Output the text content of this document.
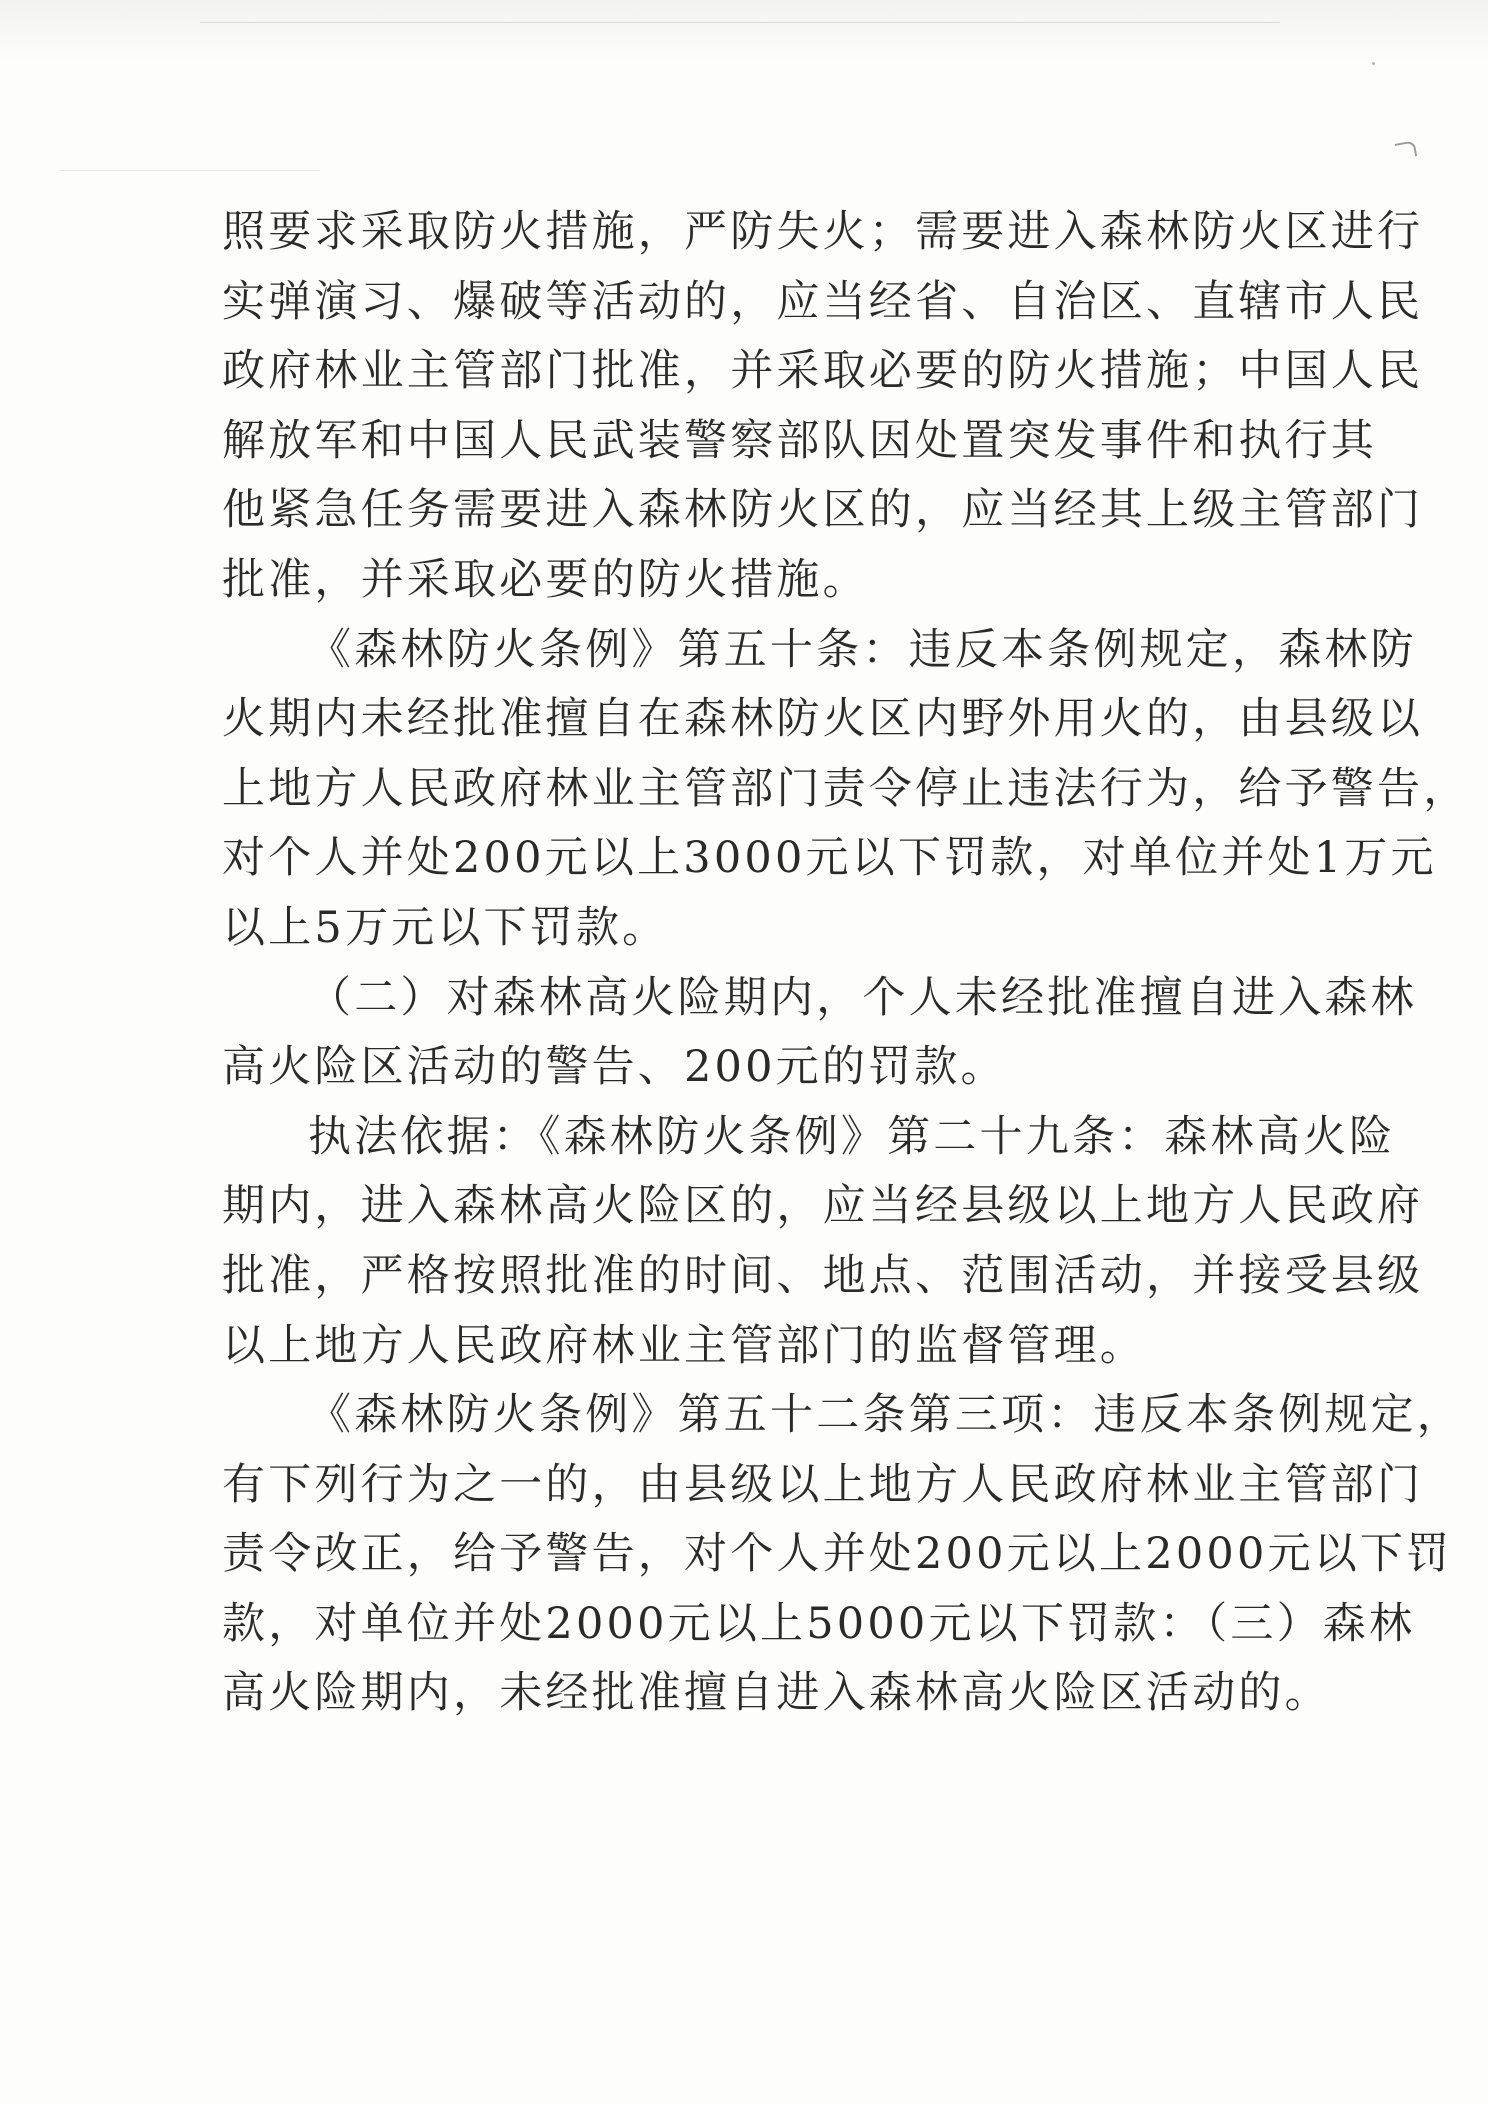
照要求采取防火措施，严防失火；需要进入森林防火区进行
实弹演习、爆破等活动的，应当经省、自治区、直辖市人民
政府林业主管部门批准，并采取必要的防火措施；中国人民
解放军和中国人民武装警察部队因处置突发事件和执行其
他紧急任务需要进入森林防火区的，应当经其上级主管部门
批准，并采取必要的防火措施。
《森林防火条例》第五十条：违反本条例规定，森林防
火期内未经批准擅自在森林防火区内野外用火的，由县级以
上地方人民政府林业主管部门责令停止违法行为，给予警告，
对个人并处200元以上3000元以下罚款，对单位并处1万元
以上5万元以下罚款。
（二）对森林高火险期内，个人未经批准擅自进入森林
高火险区活动的警告、200元的罚款。
执法依据：《森林防火条例》第二十九条：森林高火险
期内，进入森林高火险区的，应当经县级以上地方人民政府
批准，严格按照批准的时间、地点、范围活动，并接受县级
以上地方人民政府林业主管部门的监督管理。
《森林防火条例》第五十二条第三项：违反本条例规定，
有下列行为之一的，由县级以上地方人民政府林业主管部门
责令改正，给予警告，对个人并处200元以上2000元以下罚
款，对单位并处2000元以上5000元以下罚款：（三）森林
高火险期内，未经批准擅自进入森林高火险区活动的。
